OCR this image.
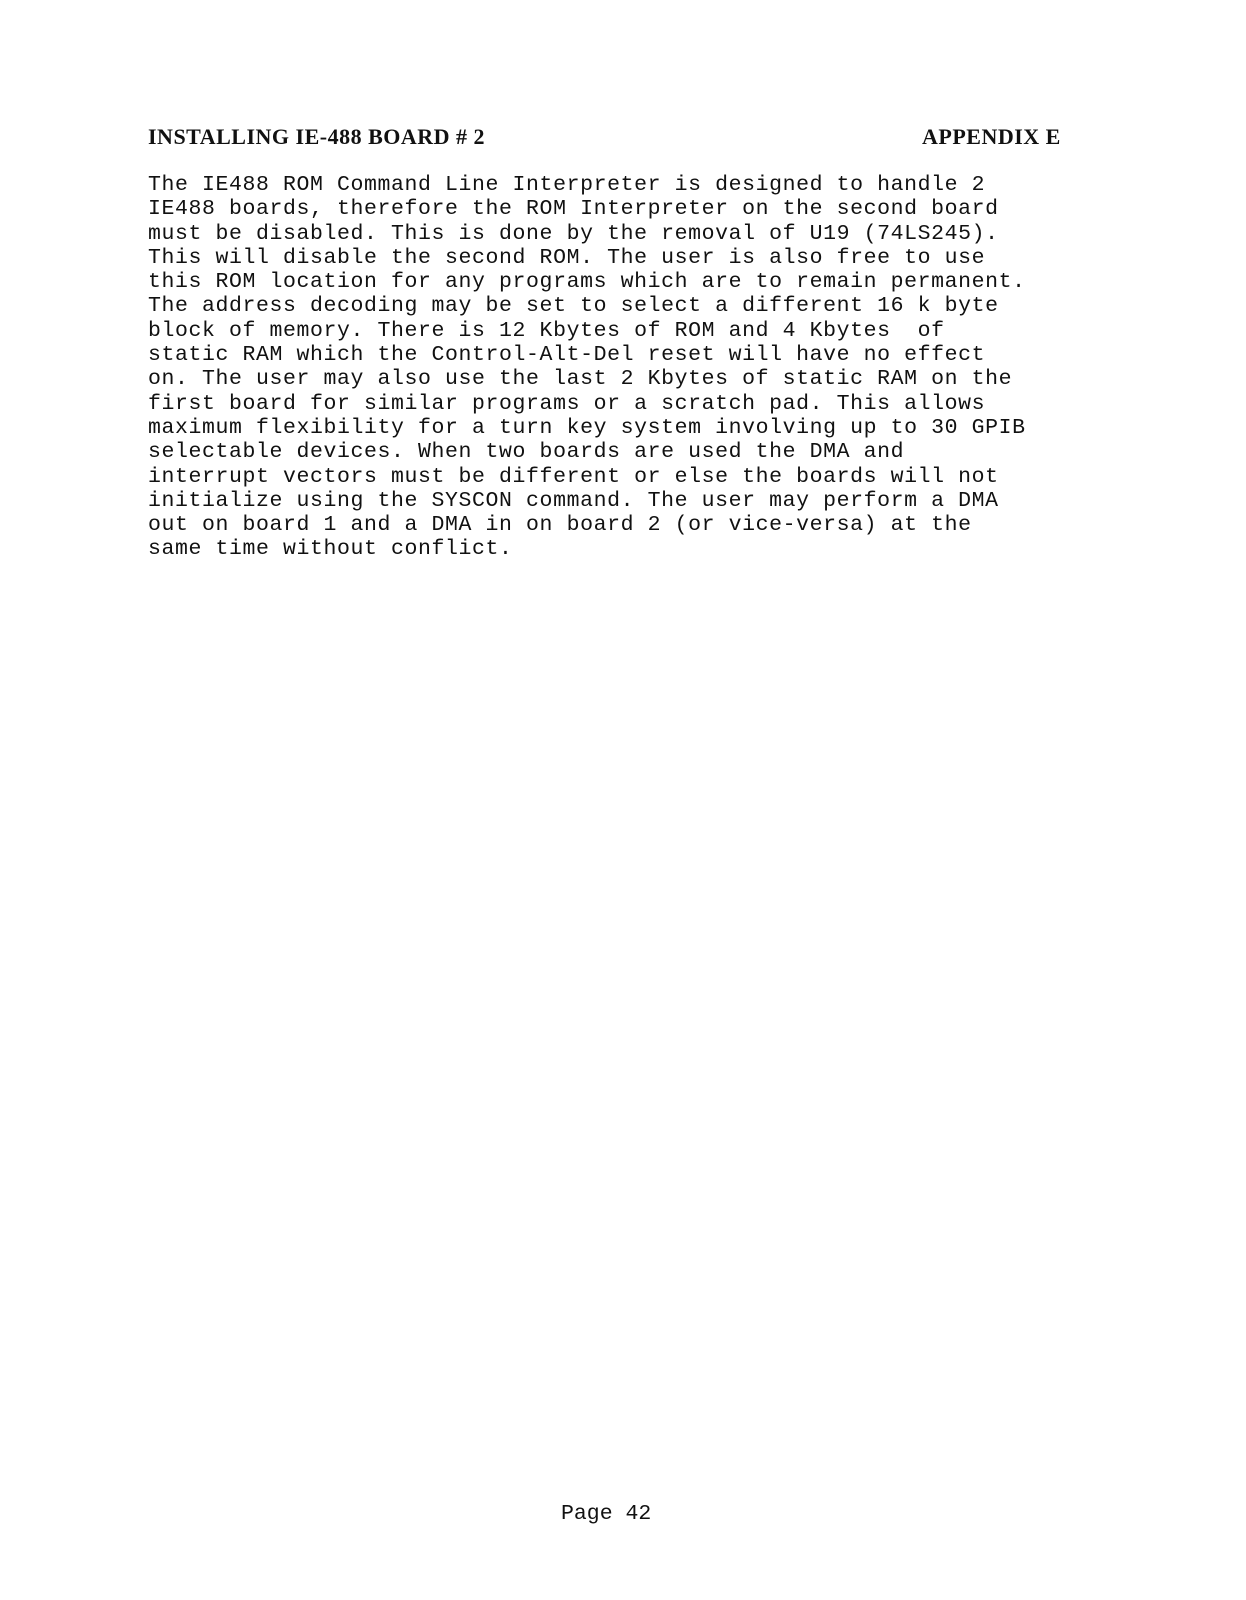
INSTALLING IE-488 BOARD # 2	APPENDIX E
The IE488 ROM Command Line Interpreter is designed to handle 2
IE488 boards, therefore the ROM Interpreter on the second board
must be disabled. This is done by the removal of U19 (74LS245).
This will disable the second ROM. The user is also free to use
this ROM location for any programs which are to remain permanent.
The address decoding may be set to select a different 16 k byte
block of memory. There is 12 Kbytes of ROM and 4 Kbytes  of
static RAM which the Control-Alt-Del reset will have no effect
on. The user may also use the last 2 Kbytes of static RAM on the
first board for similar programs or a scratch pad. This allows
maximum flexibility for a turn key system involving up to 30 GPIB
selectable devices. When two boards are used the DMA and
interrupt vectors must be different or else the boards will not
initialize using the SYSCON command. The user may perform a DMA
out on board 1 and a DMA in on board 2 (or vice-versa) at the
same time without conflict.
Page 42
